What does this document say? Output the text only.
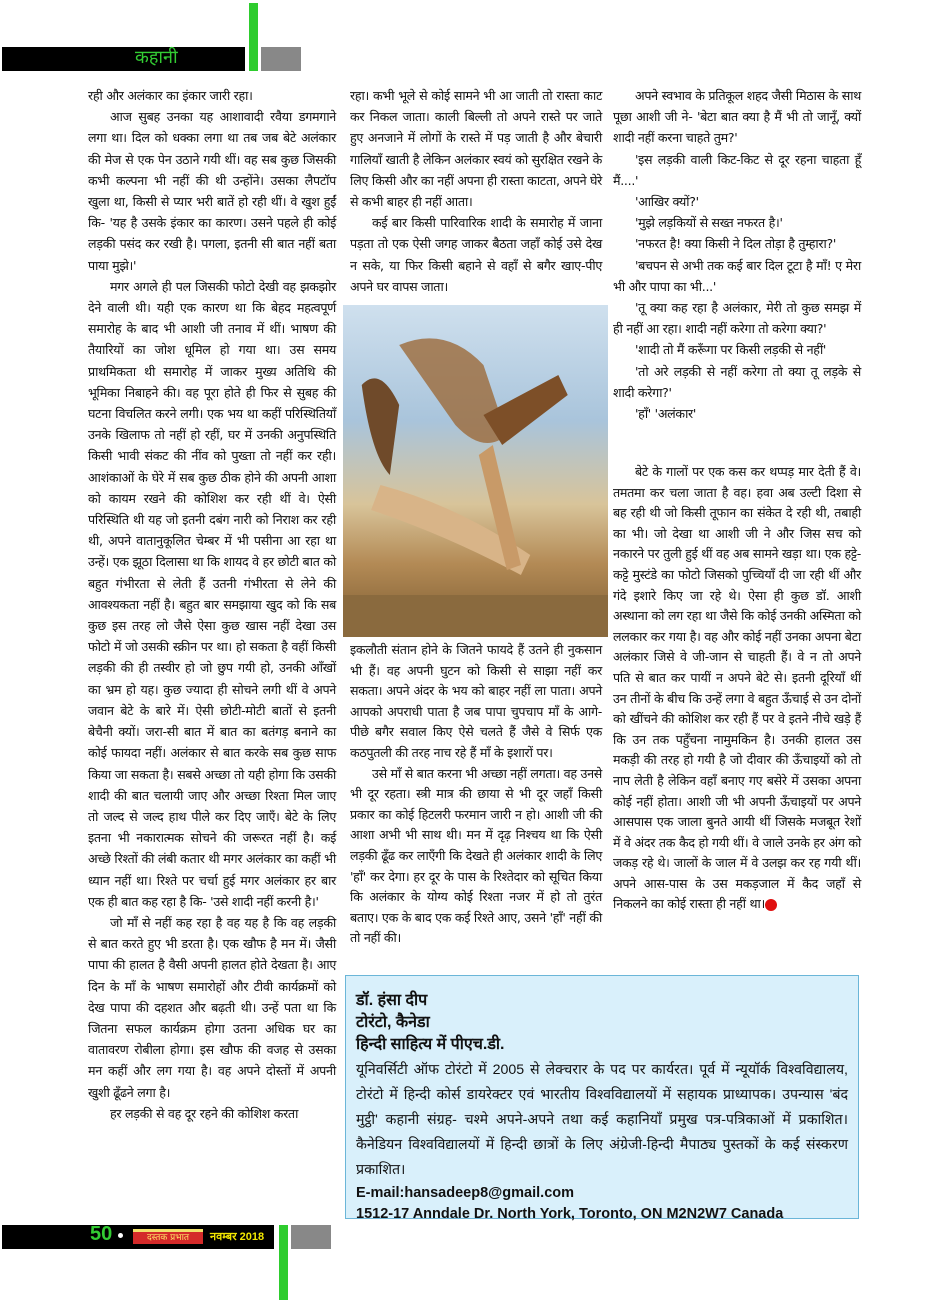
कहानी

रही और अलंकार का इंकार जारी रहा।

आज सुबह उनका यह आशावादी रवैया डगमगाने लगा था। दिल को धक्का लगा था तब जब बेटे अलंकार की मेज से एक पेन उठाने गयी थीं। वह सब कुछ जिसकी कभी कल्पना भी नहीं की थी उन्होंने। उसका लैपटॉप खुला था, किसी से प्यार भरी बातें हो रही थीं। वे खुश हुईं कि- 'यह है उसके इंकार का कारण। उसने पहले ही कोई लड़की पसंद कर रखी है। पगला, इतनी सी बात नहीं बता पाया मुझे।'

मगर अगले ही पल जिसकी फोटो देखी वह झकझोर देने वाली थी। यही एक कारण था कि बेहद महत्वपूर्ण समारोह के बाद भी आशी जी तनाव में थीं। भाषण की तैयारियों का जोश धूमिल हो गया था। उस समय प्राथमिकता थी समारोह में जाकर मुख्य अतिथि की भूमिका निबाहने की। वह पूरा होते ही फिर से सुबह की घटना विचलित करने लगी। एक भय था कहीं परिस्थितियाँ उनके खिलाफ तो नहीं हो रहीं, घर में उनकी अनुपस्थिति किसी भावी संकट की नींव को पुख्ता तो नहीं कर रही। आशंकाओं के घेरे में सब कुछ ठीक होने की अपनी आशा को कायम रखने की कोशिश कर रही थीं वे। ऐसी परिस्थिति थी यह जो इतनी दबंग नारी को निराश कर रही थी, अपने वातानुकूलित चेम्बर में भी पसीना आ रहा था उन्हें। एक झूठा दिलासा था कि शायद वे हर छोटी बात को बहुत गंभीरता से लेती हैं उतनी गंभीरता से लेने की आवश्यकता नहीं है। बहुत बार समझाया खुद को कि सब कुछ इस तरह लो जैसे ऐसा कुछ खास नहीं देखा उस फोटो में जो उसकी स्क्रीन पर था। हो सकता है वहीं किसी लड़की की ही तस्वीर हो जो छुप गयी हो, उनकी आँखों का भ्रम हो यह। कुछ ज्यादा ही सोचने लगी थीं वे अपने जवान बेटे के बारे में। ऐसी छोटी-मोटी बातों से इतनी बेचैनी क्यों। जरा-सी बात में बात का बतंगड़ बनाने का कोई फायदा नहीं। अलंकार से बात करके सब कुछ साफ किया जा सकता है। सबसे अच्छा तो यही होगा कि उसकी शादी की बात चलायी जाए और अच्छा रिश्ता मिल जाए तो जल्द से जल्द हाथ पीले कर दिए जाएँ। बेटे के लिए इतना भी नकारात्मक सोचने की जरूरत नहीं है। कई अच्छे रिश्तों की लंबी कतार थी मगर अलंकार का कहीं भी ध्यान नहीं था। रिश्ते पर चर्चा हुई मगर अलंकार हर बार एक ही बात कह रहा है कि- 'उसे शादी नहीं करनी है।'

जो माँ से नहीं कह रहा है वह यह है कि वह लड़की से बात करते हुए भी डरता है। एक खौफ है मन में। जैसी पापा की हालत है वैसी अपनी हालत होते देखता है। आए दिन के माँ के भाषण समारोहों और टीवी कार्यक्रमों को देख पापा की दहशत और बढ़ती थी। उन्हें पता था कि जितना सफल कार्यक्रम होगा उतना अधिक घर का वातावरण रोबीला होगा। इस खौफ की वजह से उसका मन कहीं और लग गया है। वह अपने दोस्तों में अपनी खुशी ढूँढने लगा है।

हर लड़की से वह दूर रहने की कोशिश करता

रहा। कभी भूले से कोई सामने भी आ जाती तो रास्ता काट कर निकल जाता। काली बिल्ली तो अपने रास्ते पर जाते हुए अनजाने में लोगों के रास्ते में पड़ जाती है और बेचारी गालियाँ खाती है लेकिन अलंकार स्वयं को सुरक्षित रखने के लिए किसी और का नहीं अपना ही रास्ता काटता, अपने घेरे से कभी बाहर ही नहीं आता।

कई बार किसी पारिवारिक शादी के समारोह में जाना पड़ता तो एक ऐसी जगह जाकर बैठता जहाँ कोई उसे देख न सके, या फिर किसी बहाने से वहाँ से बगैर खाए-पीए अपने घर वापस जाता।

इकलौती संतान होने के जितने फायदे हैं उतने ही नुकसान भी हैं। वह अपनी घुटन को किसी से साझा नहीं कर सकता। अपने अंदर के भय को बाहर नहीं ला पाता। अपने आपको अपराधी पाता है जब पापा चुपचाप माँ के आगे-पीछे बगैर सवाल किए ऐसे चलते हैं जैसे वे सिर्फ एक कठपुतली की तरह नाच रहे हैं माँ के इशारों पर।

उसे माँ से बात करना भी अच्छा नहीं लगता। वह उनसे भी दूर रहता। स्त्री मात्र की छाया से भी दूर जहाँ किसी प्रकार का कोई हिटलरी फरमान जारी न हो। आशी जी की आशा अभी भी साथ थी। मन में दृढ़ निश्चय था कि ऐसी लड़की ढूँढ कर लाएँगी कि देखते ही अलंकार शादी के लिए 'हाँ' कर देगा। हर दूर के पास के रिश्तेदार को सूचित किया कि अलंकार के योग्य कोई रिश्ता नजर में हो तो तुरंत बताए। एक के बाद एक कई रिश्ते आए, उसने 'हाँ' नहीं की तो नहीं की।

अपने स्वभाव के प्रतिकूल शहद जैसी मिठास के साथ पूछा आशी जी ने- 'बेटा बात क्या है मैं भी तो जानूँ, क्यों शादी नहीं करना चाहते तुम?'

'इस लड़की वाली किट-किट से दूर रहना चाहता हूँ मैं....'

'आखिर क्यों?'

'मुझे लड़कियों से सख्त नफरत है।'

'नफरत है! क्या किसी ने दिल तोड़ा है तुम्हारा?'

'बचपन से अभी तक कई बार दिल टूटा है माँ! ए मेरा भी और पापा का भी...'

'तू क्या कह रहा है अलंकार, मेरी तो कुछ समझ में ही नहीं आ रहा। शादी नहीं करेगा तो करेगा क्या?'

'शादी तो मैं करूँगा पर किसी लड़की से नहीं'

'तो अरे लड़की से नहीं करेगा तो क्या तू लड़के से शादी करेगा?'

'हाँ' 'अलंकार'

बेटे के गालों पर एक कस कर थप्पड़ मार देती हैं वे। तमतमा कर चला जाता है वह। हवा अब उल्टी दिशा से बह रही थी जो किसी तूफान का संकेत दे रही थी, तबाही का भी। जो देखा था आशी जी ने और जिस सच को नकारने पर तुली हुई थीं वह अब सामने खड़ा था। एक हट्टे-कट्टे मुस्टंडे का फोटो जिसको पुच्चियाँ दी जा रही थीं और गंदे इशारे किए जा रहे थे। ऐसा ही कुछ डॉ. आशी अस्थाना को लग रहा था जैसे कि कोई उनकी अस्मिता को ललकार कर गया है। वह और कोई नहीं उनका अपना बेटा अलंकार जिसे वे जी-जान से चाहती हैं। वे न तो अपने पति से बात कर पायीं न अपने बेटे से। इतनी दूरियाँ थीं उन तीनों के बीच कि उन्हें लगा वे बहुत ऊँचाई से उन दोनों को खींचने की कोशिश कर रही हैं पर वे इतने नीचे खड़े हैं कि उन तक पहुँचना नामुमकिन है। उनकी हालत उस मकड़ी की तरह हो गयी है जो दीवार की ऊँचाइयों को तो नाप लेती है लेकिन वहाँ बनाए गए बसेरे में उसका अपना कोई नहीं होता। आशी जी भी अपनी ऊँचाइयों पर अपने आसपास एक जाला बुनते आयी थीं जिसके मजबूत रेशों में वे अंदर तक कैद हो गयी थीं। वे जाले उनके हर अंग को जकड़ रहे थे। जालों के जाल में वे उलझ कर रह गयी थीं। अपने आस-पास के उस मकड़जाल में कैद जहाँ से निकलने का कोई रास्ता ही नहीं था।

डॉ. हंसा दीप
टोरंटो, कैनेडा
हिन्दी साहित्य में पीएच.डी.
यूनिवर्सिटी ऑफ टोरंटो में 2005 से लेक्चरार के पद पर कार्यरत। पूर्व में न्यूयॉर्क विश्वविद्यालय, टोरंटो में हिन्दी कोर्स डायरेक्टर एवं भारतीय विश्वविद्यालयों में सहायक प्राध्यापक। उपन्यास 'बंद मुट्ठी' कहानी संग्रह- चश्मे अपने-अपने तथा कई कहानियाँ प्रमुख पत्र-पत्रिकाओं में प्रकाशित। कैनेडियन विश्वविद्यालयों में हिन्दी छात्रों के लिए अंग्रेजी-हिन्दी मैपाठ्य पुस्तकों के कई संस्करण प्रकाशित।
E-mail:hansadeep8@gmail.com
1512-17 Anndale Dr. North York, Toronto, ON M2N2W7 Canada
50	दस्तक प्रभात	नवम्बर 2018
